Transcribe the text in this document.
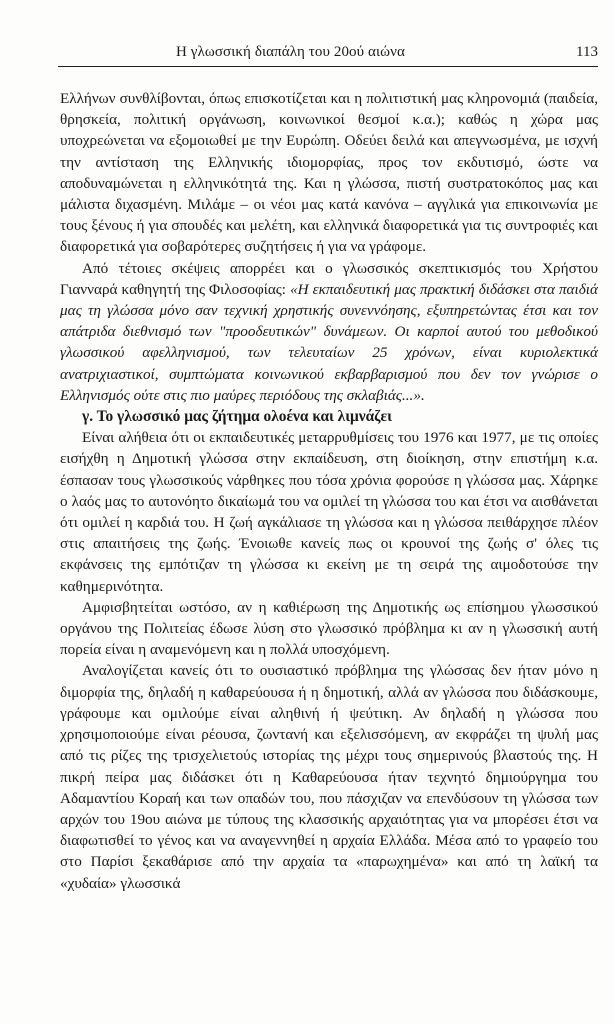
Η γλωσσική διαπάλη του 20ού αιώνα	113

Ελλήνων συνθλίβονται, όπως επισκοτίζεται και η πολιτιστική μας κληρονομιά (παιδεία, θρησκεία, πολιτική οργάνωση, κοινωνικοί θεσμοί κ.α.); καθώς η χώρα μας υποχρεώνεται να εξομοιωθεί με την Ευρώπη. Οδεύει δειλά και απεγνωσμένα, με ισχνή την αντίσταση της Ελληνικής ιδιομορφίας, προς τον εκδυτισμό, ώστε να αποδυναμώνεται η ελληνικότητά της. Και η γλώσσα, πιστή συστρατοκόπος μας και μάλιστα διχασμένη. Μιλάμε – οι νέοι μας κατά κανόνα – αγγλικά για επικοινωνία με τους ξένους ή για σπουδές και μελέτη, και ελληνικά διαφορετικά για τις συντροφιές και διαφορετικά για σοβαρότερες συζητήσεις ή για να γράφομε.

Από τέτοιες σκέψεις απορρέει και ο γλωσσικός σκεπτικισμός του Χρήστου Γιανναρά καθηγητή της Φιλοσοφίας: «Η εκπαιδευτική μας πρακτική διδάσκει στα παιδιά μας τη γλώσσα μόνο σαν τεχνική χρηστικής συνεννόησης, εξυπηρετώντας έτσι και τον απάτριδα διεθνισμό των "προοδευτικών" δυνάμεων. Οι καρποί αυτού του μεθοδικού γλωσσικού αφελληνισμού, των τελευταίων 25 χρόνων, είναι κυριολεκτικά ανατριχιαστικοί, συμπτώματα κοινωνικού εκβαρβαρισμού που δεν τον γνώρισε ο Ελληνισμός ούτε στις πιο μαύρες περιόδους της σκλαβιάς...».

γ. Το γλωσσικό μας ζήτημα ολοένα και λιμνάζει

Είναι αλήθεια ότι οι εκπαιδευτικές μεταρρυθμίσεις του 1976 και 1977, με τις οποίες εισήχθη η Δημοτική γλώσσα στην εκπαίδευση, στη διοίκηση, στην επιστήμη κ.α. έσπασαν τους γλωσσικούς νάρθηκες που τόσα χρόνια φορούσε η γλώσσα μας. Χάρηκε ο λαός μας το αυτονόητο δικαίωμά του να ομιλεί τη γλώσσα του και έτσι να αισθάνεται ότι ομιλεί η καρδιά του. Η ζωή αγκάλιασε τη γλώσσα και η γλώσσα πειθάρχησε πλέον στις απαιτήσεις της ζωής. Ένοιωθε κανείς πως οι κρουνοί της ζωής σ' όλες τις εκφάνσεις της εμπότιζαν τη γλώσσα κι εκείνη με τη σειρά της αιμοδοτούσε την καθημερινότητα.

Αμφισβητείται ωστόσο, αν η καθιέρωση της Δημοτικής ως επίσημου γλωσσικού οργάνου της Πολιτείας έδωσε λύση στο γλωσσικό πρόβλημα κι αν η γλωσσική αυτή πορεία είναι η αναμενόμενη και η πολλά υποσχόμενη.

Αναλογίζεται κανείς ότι το ουσιαστικό πρόβλημα της γλώσσας δεν ήταν μόνο η διμορφία της, δηλαδή η καθαρεύουσα ή η δημοτική, αλλά αν γλώσσα που διδάσκουμε, γράφουμε και ομιλούμε είναι αληθινή ή ψεύτικη. Αν δηλαδή η γλώσσα που χρησιμοποιούμε είναι ρέουσα, ζωντανή και εξελισσόμενη, αν εκφράζει τη ψυλή μας από τις ρίζες της τρισχελιετούς ιστορίας της μέχρι τους σημερινούς βλαστούς της. Η πικρή πείρα μας διδάσκει ότι η Καθαρεύουσα ήταν τεχνητό δημιούργημα του Αδαμαντίου Κοραή και των οπαδών του, που πάσχιζαν να επενδύσουν τη γλώσσα των αρχών του 19ου αιώνα με τύπους της κλασσικής αρχαιότητας για να μπορέσει έτσι να διαφωτισθεί το γένος και να αναγεννηθεί η αρχαία Ελλάδα. Μέσα από το γραφείο του στο Παρίσι ξεκαθάρισε από την αρχαία τα «παρωχημένα» και από τη λαϊκή τα «χυδαία» γλωσσικά
